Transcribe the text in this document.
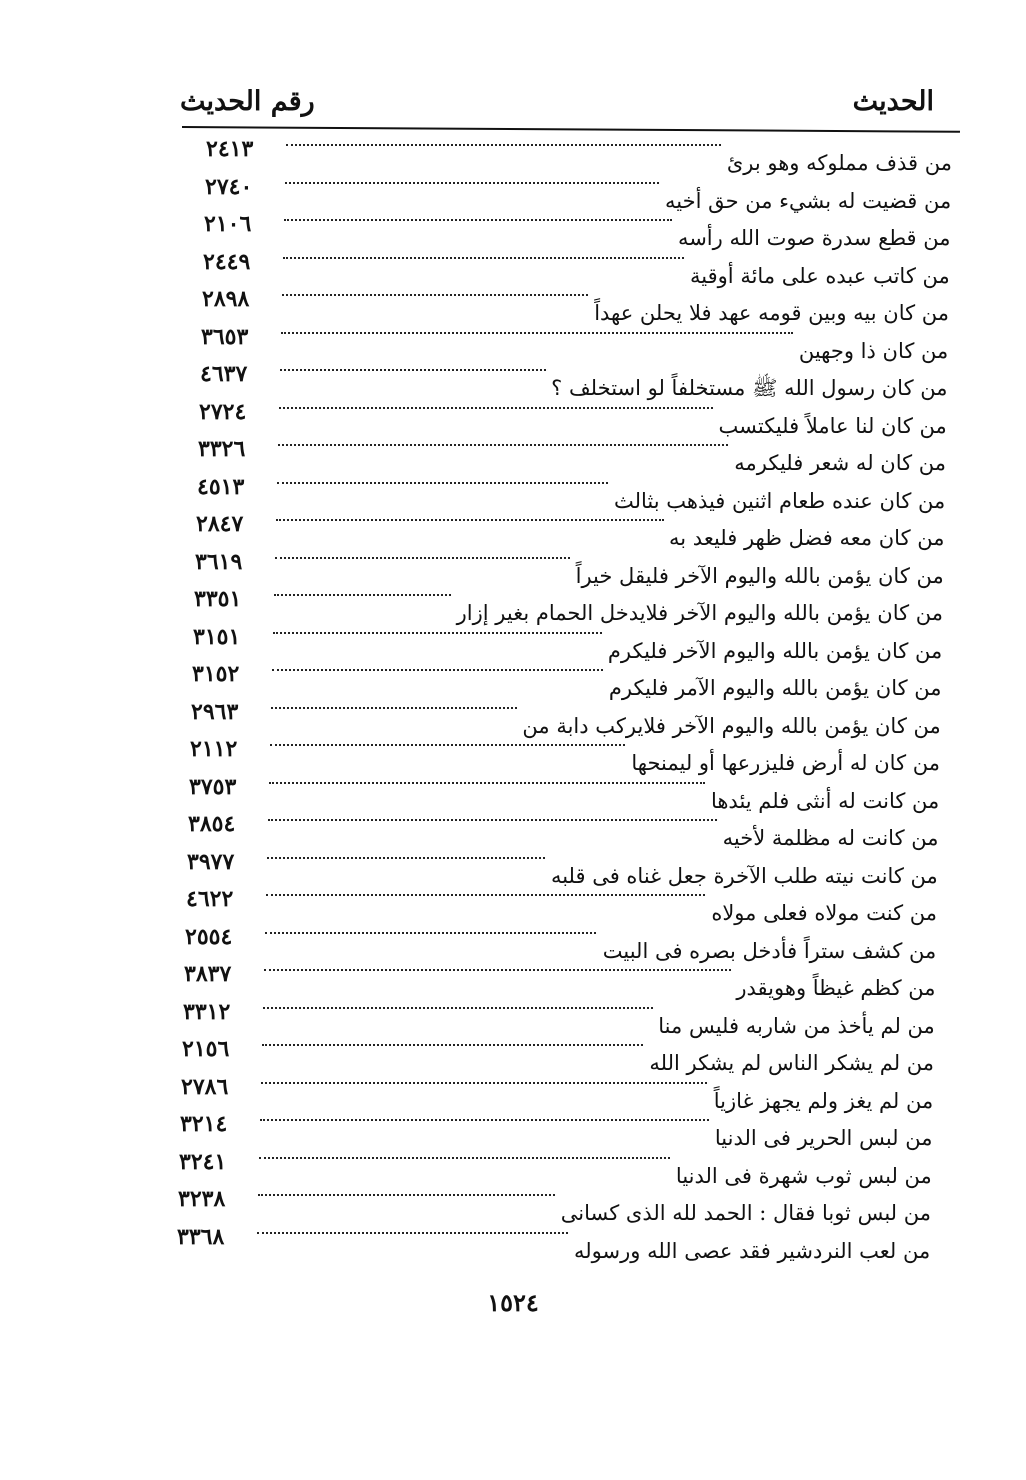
الحديث
رقم الحديث
٢٤١٣
من قذف مملوكه وهو برئ
٢٧٤٠
من قضيت له بشيء من حق أخيه
٢١٠٦
من قطع سدرة صوت الله رأسه
٢٤٤٩
من كاتب عبده على مائة أوقية
٢٨٩٨
من كان بيه وبين قومه عهد فلا يحلن عهداً
٣٦٥٣
من كان ذا وجهين
٤٦٣٧
من كان رسول الله ﷺ مستخلفاً لو استخلف ؟
٢٧٢٤
من كان لنا عاملاً فليكتسب
٣٣٢٦
من كان له شعر فليكرمه
٤٥١٣
من كان عنده طعام اثنين فيذهب بثالث
٢٨٤٧
من كان معه فضل ظهر فليعد به
٣٦١٩
من كان يؤمن بالله واليوم الآخر فليقل خيراً
٣٣٥١
من كان يؤمن بالله واليوم الآخر فلايدخل الحمام بغير إزار
٣١٥١
من كان يؤمن بالله واليوم الآخر فليكرم
٣١٥٢
من كان يؤمن بالله واليوم الآمر فليكرم
٢٩٦٣
من كان يؤمن بالله واليوم الآخر فلايركب دابة من
٢١١٢
من كان له أرض فليزرعها أو ليمنحها
٣٧٥٣
من كانت له أنثى فلم يئدها
٣٨٥٤
من كانت له مظلمة لأخيه
٣٩٧٧
من كانت نيته طلب الآخرة جعل غناه فى قلبه
٤٦٢٢
من كنت مولاه فعلى مولاه
٢٥٥٤
من كشف ستراً فأدخل بصره فى البيت
٣٨٣٧
من كظم غيظاً وهويقدر
٣٣١٢
من لم يأخذ من شاربه فليس منا
٢١٥٦
من لم يشكر الناس لم يشكر الله
٢٧٨٦
من لم يغز ولم يجهز غازياً
٣٢١٤
من لبس الحرير فى الدنيا
٣٢٤١
من لبس ثوب شهرة فى الدنيا
٣٢٣٨
من لبس ثوبا فقال : الحمد لله الذى كسانى
٣٣٦٨
من لعب النردشير فقد عصى الله ورسوله
١٥٢٤
